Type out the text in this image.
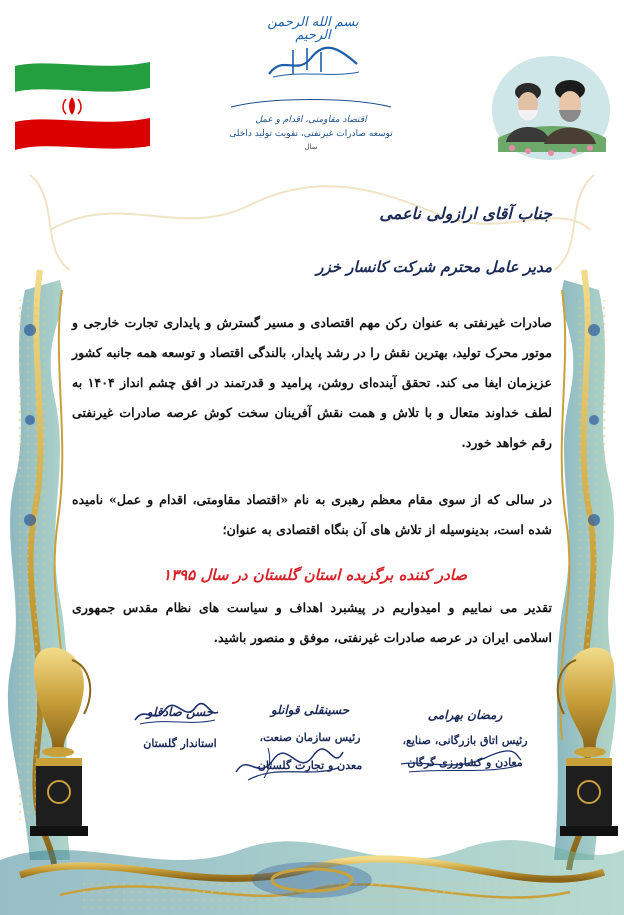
بسم الله الرحمن الرحیم
اقتصاد مقاومتی، اقدام و عمل
توسعه صادرات غیرنفتی، تقویت تولید داخلی
سال
جناب آقای ارازولی ناعمی
مدیر عامل محترم شرکت کانسار خزر
صادرات غیرنفتی به عنوان رکن مهم اقتصادی و مسیر گسترش و پایداری تجارت خارجی و موتور محرک تولید، بهترین نقش را در رشد پایدار، بالندگی اقتصاد و توسعه همه جانبه کشور عزیزمان ایفا می کند. تحقق آینده‌ای روشن، پرامید و قدرتمند در افق چشم انداز ۱۴۰۴ به لطف خداوند متعال و با تلاش و همت نقش آفرینان سخت کوش عرصه صادرات غیرنفتی رقم خواهد خورد.
در سالی که از سوی مقام معظم رهبری به نام «اقتصاد مقاومتی، اقدام و عمل» نامیده شده است، بدینوسیله از تلاش های آن بنگاه اقتصادی به عنوان؛
صادر کننده برگزیده استان گلستان در سال ۱۳۹۵
تقدیر می نماییم و امیدواریم در پیشبرد اهداف و سیاست های نظام مقدس جمهوری اسلامی ایران در عرصه صادرات غیرنفتی، موفق و منصور باشید.
رمضان بهرامی
رئیس اتاق بازرگانی، صنایع،
معادن و کشاورزی گرگان
حسینقلی قوانلو
رئیس سازمان صنعت،
معدن و تجارت گلستان
حسن صادقلو
استاندار گلستان
